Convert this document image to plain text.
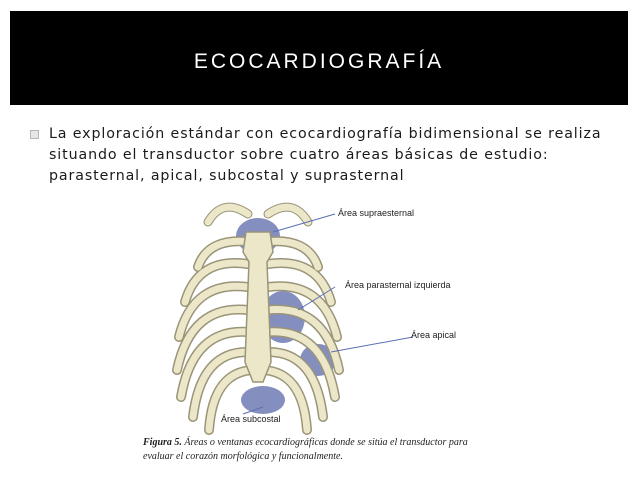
ECOCARDIOGRAFÍA
La exploración estándar con ecocardiografía bidimensional se realiza situando el transductor sobre cuatro áreas básicas de estudio: parasternal, apical, subcostal y suprasternal
Área supraesternal
Área parasternal izquierda
Área apical
Área subcostal
Figura 5. Áreas o ventanas ecocardiográficas donde se sitúa el transductor para evaluar el corazón morfológica y funcionalmente.
